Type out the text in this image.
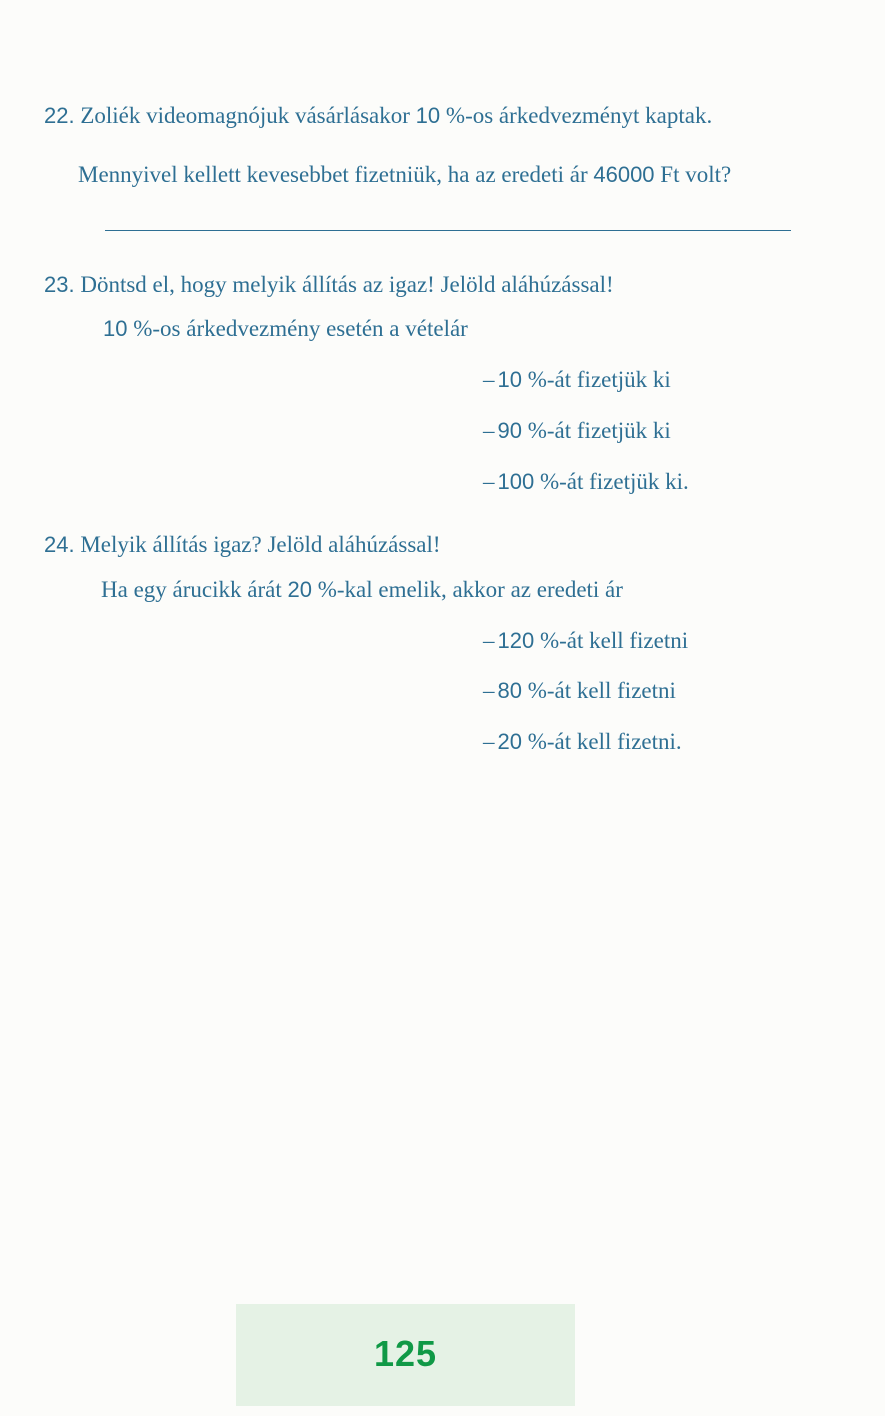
22. Zoliék videomagnójuk vásárlásakor 10 %-os árkedvezményt kaptak.
Mennyivel kellett kevesebbet fizetniük, ha az eredeti ár 46000 Ft volt?
23. Döntsd el, hogy melyik állítás az igaz! Jelöld aláhúzással!
10 %-os árkedvezmény esetén a vételár
– 10 %-át fizetjük ki
– 90 %-át fizetjük ki
– 100 %-át fizetjük ki.
24. Melyik állítás igaz? Jelöld aláhúzással!
Ha egy árucikk árát 20 %-kal emelik, akkor az eredeti ár
– 120 %-át kell fizetni
– 80 %-át kell fizetni
– 20 %-át kell fizetni.
125
